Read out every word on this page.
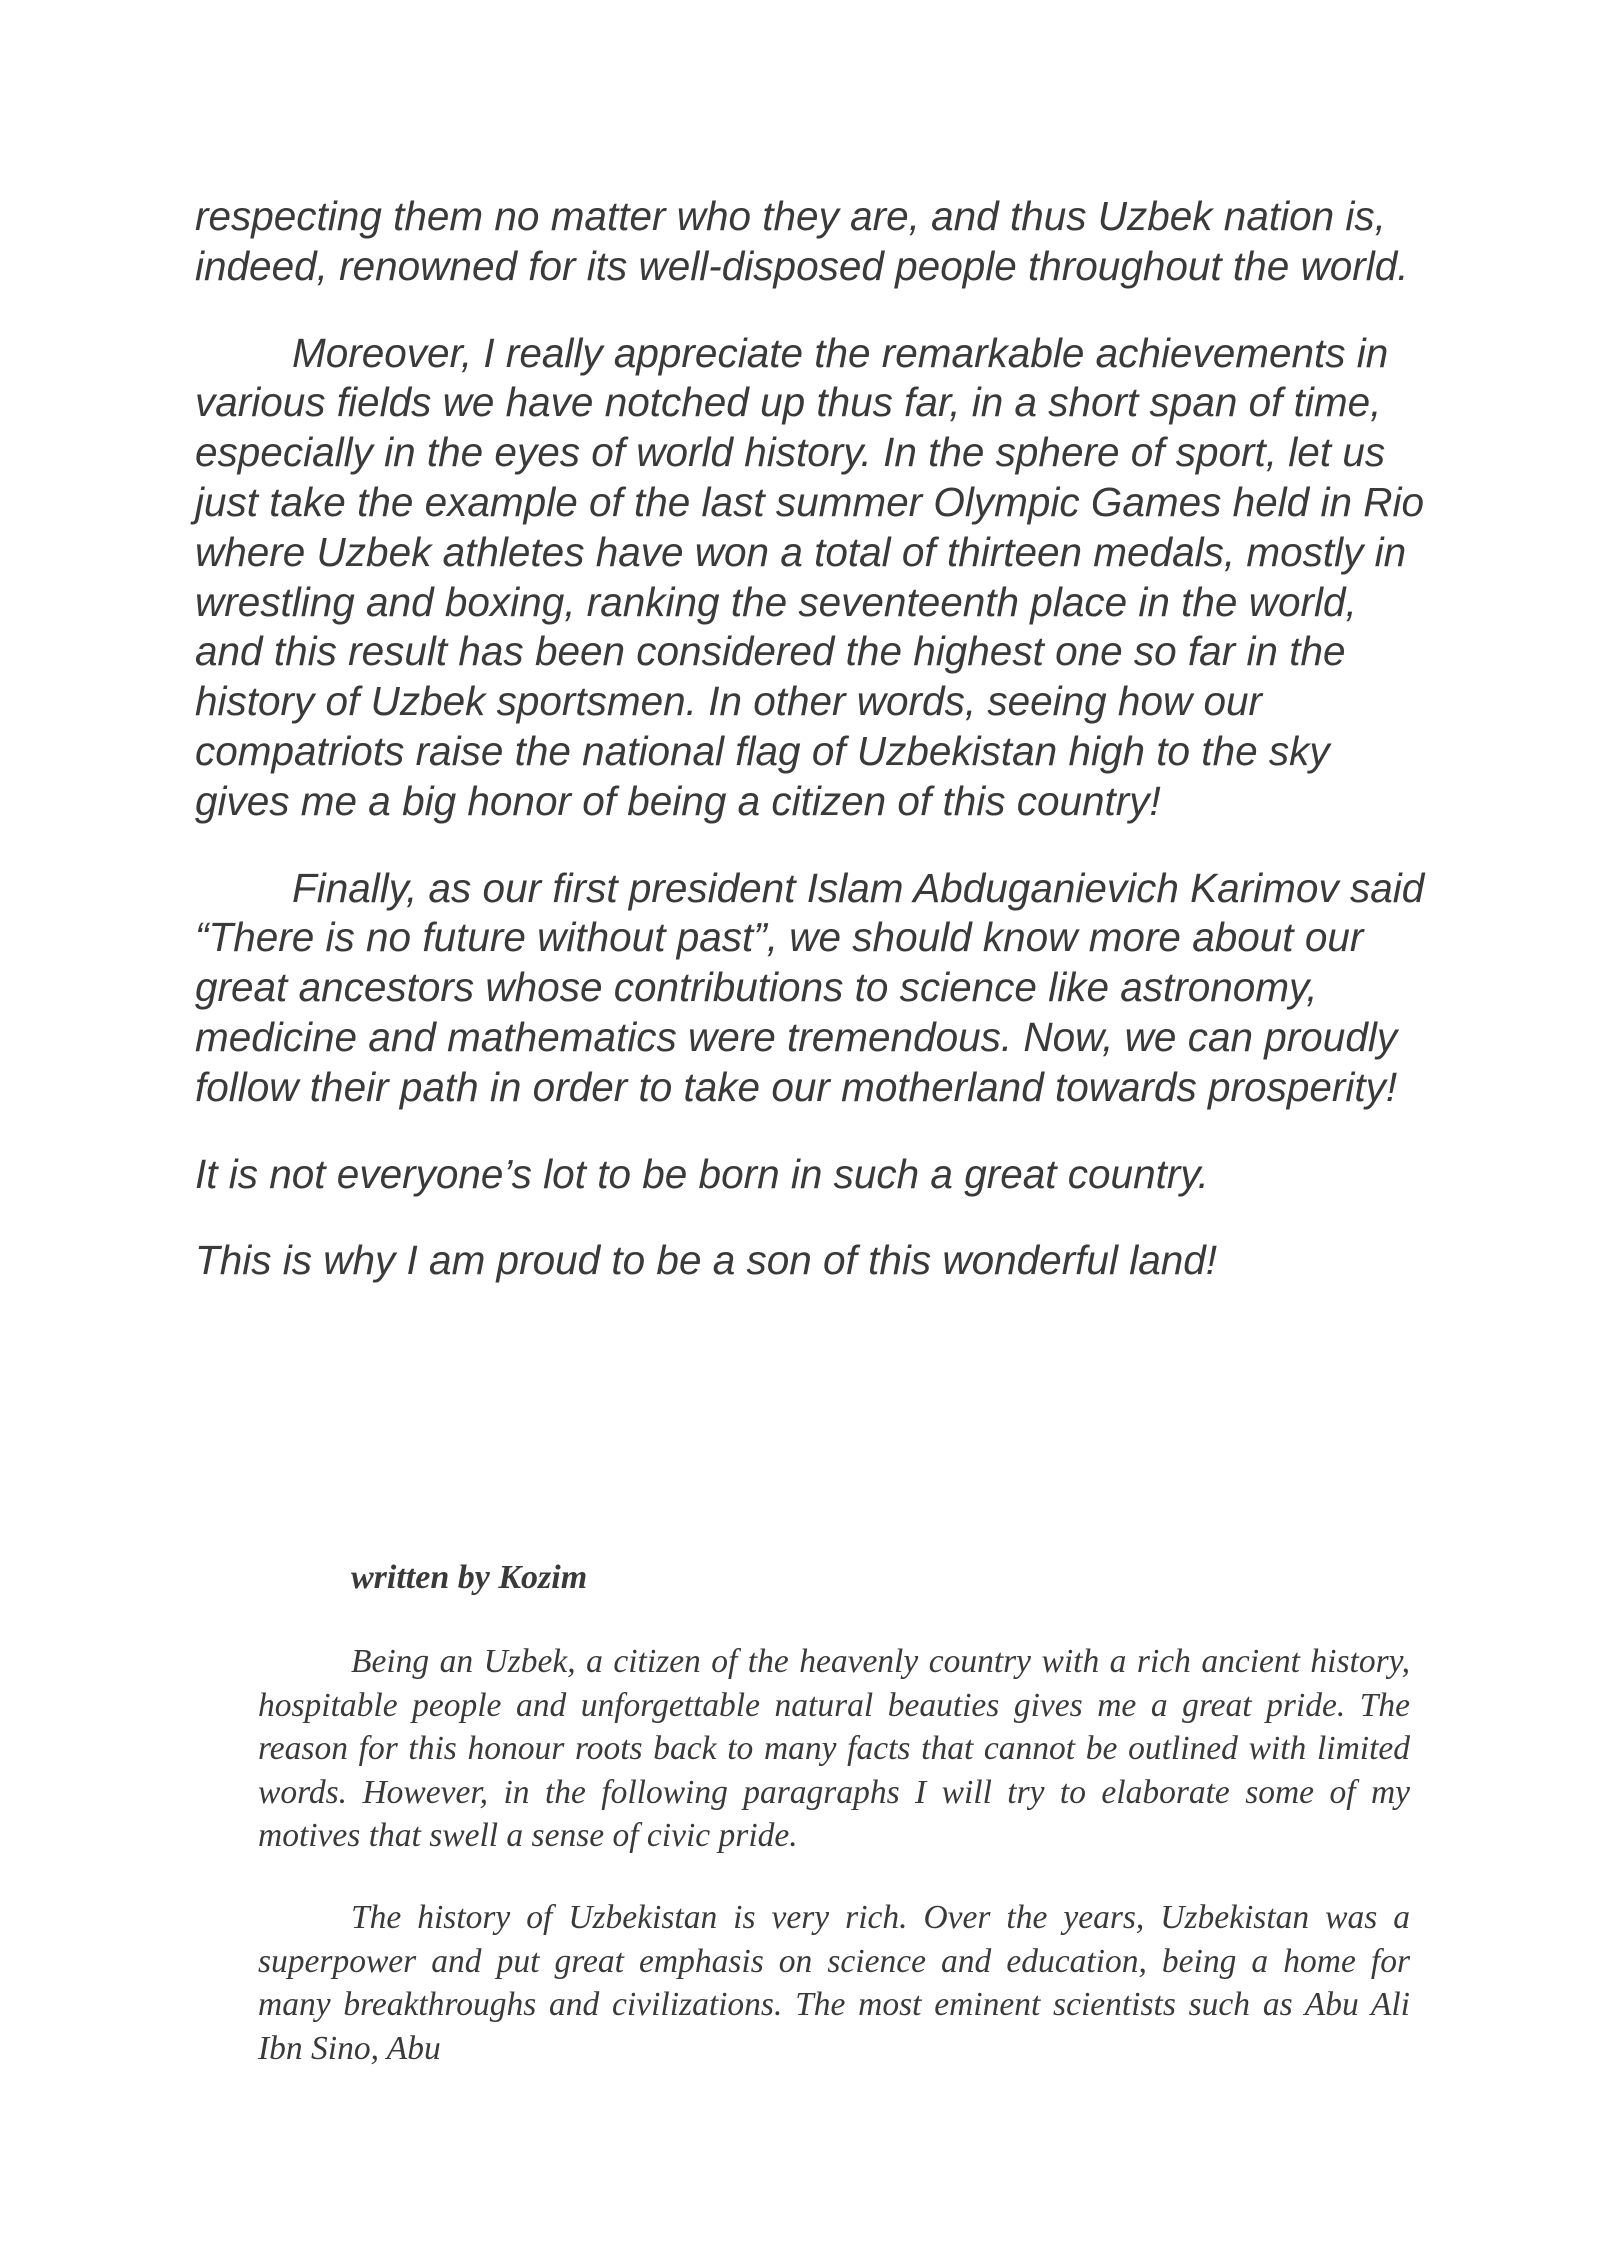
respecting them no matter who they are, and thus Uzbek nation is, indeed, renowned for its well-disposed people throughout the world.

Moreover, I really appreciate the remarkable achievements in various fields we have notched up thus far, in a short span of time, especially in the eyes of world history. In the sphere of sport, let us just take the example of the last summer Olympic Games held in Rio where Uzbek athletes have won a total of thirteen medals, mostly in wrestling and boxing, ranking the seventeenth place in the world, and this result has been considered the highest one so far in the history of Uzbek sportsmen. In other words, seeing how our compatriots raise the national flag of Uzbekistan high to the sky gives me a big honor of being a citizen of this country!

Finally, as our first president Islam Abduganievich Karimov said “There is no future without past”, we should know more about our great ancestors whose contributions to science like astronomy, medicine and mathematics were tremendous. Now, we can proudly follow their path in order to take our motherland towards prosperity!

It is not everyone’s lot to be born in such a great country.

This is why I am proud to be a son of this wonderful land!

written by Kozim

Being an Uzbek, a citizen of the heavenly country with a rich ancient history, hospitable people and unforgettable natural beauties gives me a great pride. The reason for this honour roots back to many facts that cannot be outlined with limited words. However, in the following paragraphs I will try to elaborate some of my motives that swell a sense of civic pride.

The history of Uzbekistan is very rich. Over the years, Uzbekistan was a superpower and put great emphasis on science and education, being a home for many breakthroughs and civilizations. The most eminent scientists such as Abu Ali Ibn Sino, Abu
